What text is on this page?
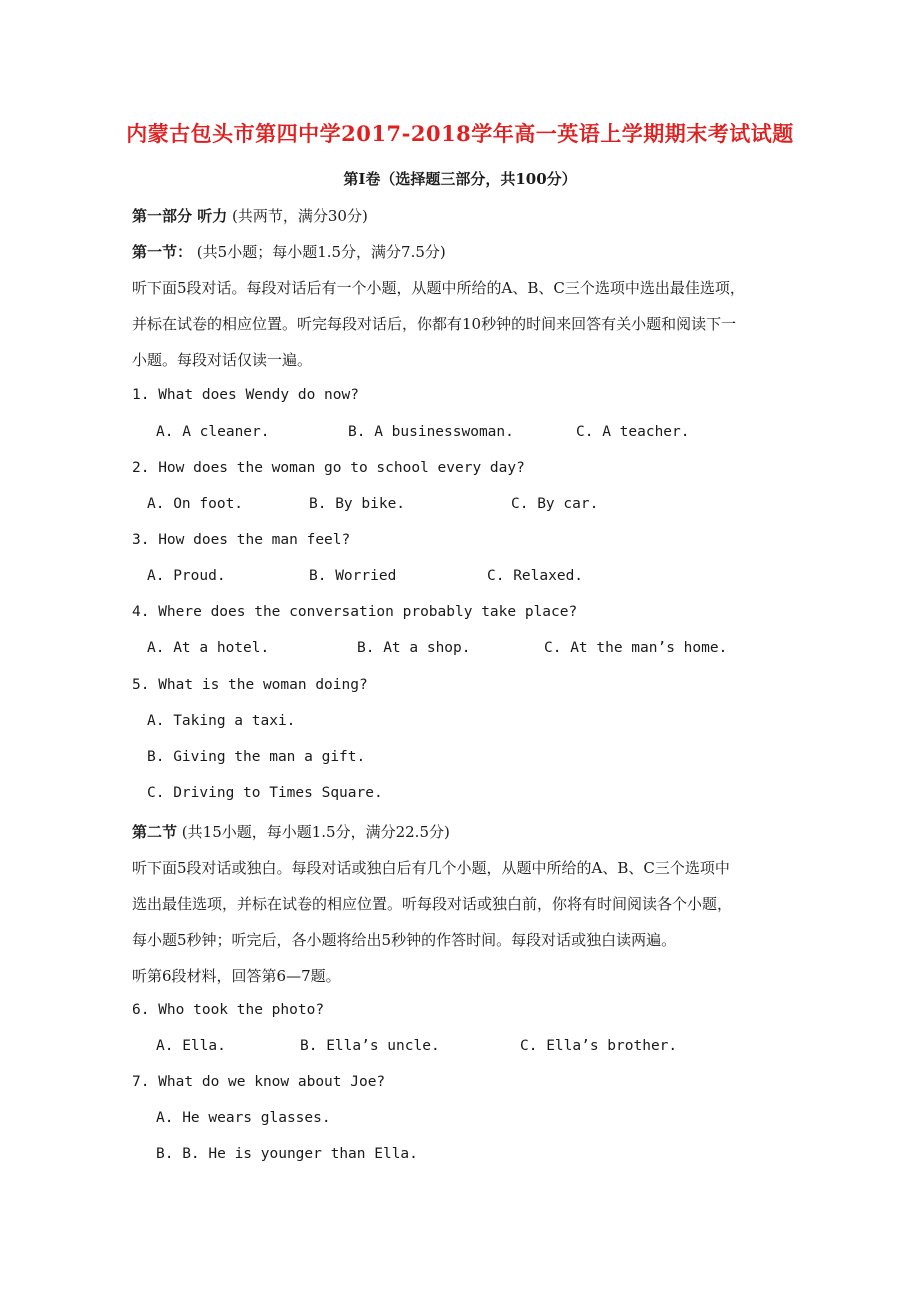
内蒙古包头市第四中学2017-2018学年高一英语上学期期末考试试题
第Ⅰ卷（选择题三部分，共100分）
第一部分 听力 (共两节，满分30分)
第一节： (共5小题；每小题1.5分，满分7.5分)
听下面5段对话。每段对话后有一个小题，从题中所给的A、B、C三个选项中选出最佳选项，
并标在试卷的相应位置。听完每段对话后，你都有10秒钟的时间来回答有关小题和阅读下一
小题。每段对话仅读一遍。
1. What does Wendy do now?
A. A cleaner.	B. A businesswoman.	C. A teacher.
2. How does the woman go to school every day?
A. On foot.	B. By bike.	C. By car.
3. How does the man feel?
A. Proud.	B. Worried	C. Relaxed.
4. Where does the conversation probably take place?
A. At a hotel.	B. At a shop.	C. At the man’s home.
5. What is the woman doing?
A. Taking a taxi.
B. Giving the man a gift.
C. Driving to Times Square.
第二节 (共15小题，每小题1.5分，满分22.5分)
听下面5段对话或独白。每段对话或独白后有几个小题，从题中所给的A、B、C三个选项中
选出最佳选项，并标在试卷的相应位置。听每段对话或独白前，你将有时间阅读各个小题，
每小题5秒钟；听完后，各小题将给出5秒钟的作答时间。每段对话或独白读两遍。
听第6段材料，回答第6—7题。
6. Who took the photo?
A. Ella.	B. Ella’s uncle.	C. Ella’s brother.
7. What do we know about Joe?
A. He wears glasses.
B. B. He is younger than Ella.
